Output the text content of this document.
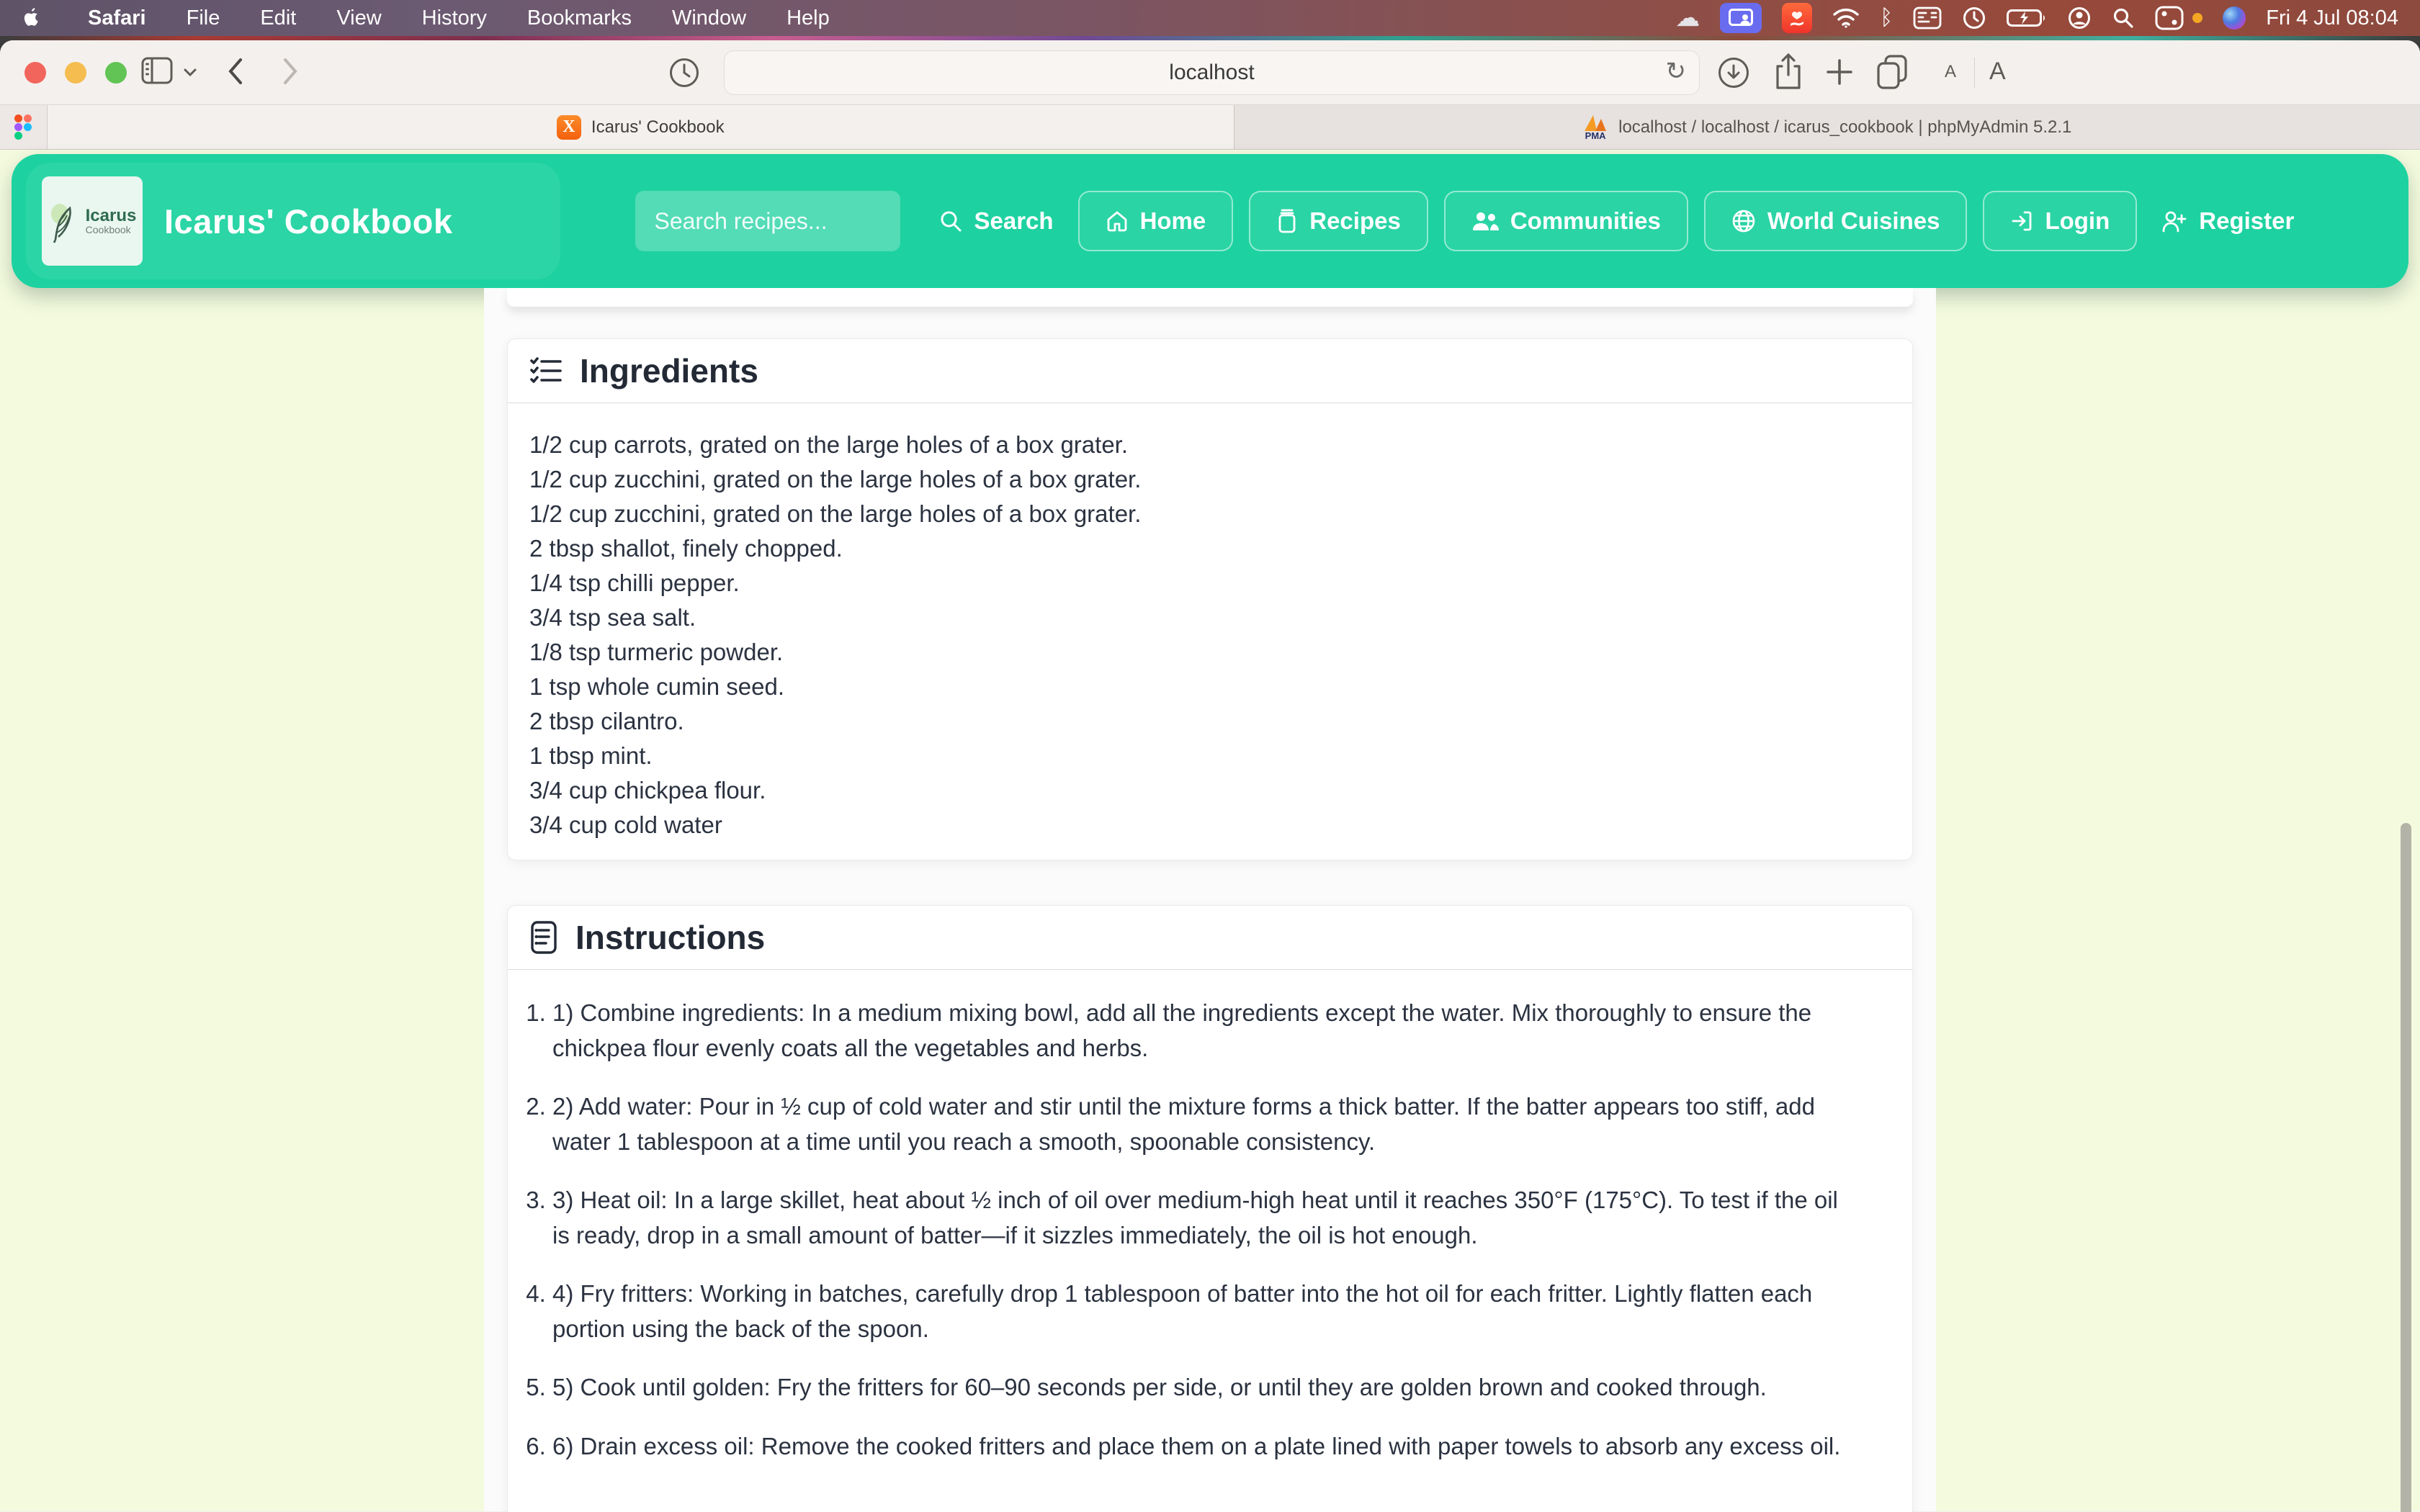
Safari File Edit View History Bookmarks Window Help	☁	ᛒ	Fri 4 Jul 08:04
localhost	↻	A A
X Icarus' Cookbook	PMA localhost / localhost / icarus_cookbook | phpMyAdmin 5.2.1
Icarus
Cookbook Icarus' Cookbook
Search recipes...	Search	Home	Recipes	Communities	World Cuisines	Login	Register
Ingredients
1/2 cup carrots, grated on the large holes of a box grater.
1/2 cup zucchini, grated on the large holes of a box grater.
1/2 cup zucchini, grated on the large holes of a box grater.
2 tbsp shallot, finely chopped.
1/4 tsp chilli pepper.
3/4 tsp sea salt.
1/8 tsp turmeric powder.
1 tsp whole cumin seed.
2 tbsp cilantro.
1 tbsp mint.
3/4 cup chickpea flour.
3/4 cup cold water
Instructions
1. 1) Combine ingredients: In a medium mixing bowl, add all the ingredients except the water. Mix thoroughly to ensure the chickpea flour evenly coats all the vegetables and herbs.
2. 2) Add water: Pour in ½ cup of cold water and stir until the mixture forms a thick batter. If the batter appears too stiff, add water 1 tablespoon at a time until you reach a smooth, spoonable consistency.
3. 3) Heat oil: In a large skillet, heat about ½ inch of oil over medium-high heat until it reaches 350°F (175°C). To test if the oil is ready, drop in a small amount of batter—if it sizzles immediately, the oil is hot enough.
4. 4) Fry fritters: Working in batches, carefully drop 1 tablespoon of batter into the hot oil for each fritter. Lightly flatten each portion using the back of the spoon.
5. 5) Cook until golden: Fry the fritters for 60–90 seconds per side, or until they are golden brown and cooked through.
6. 6) Drain excess oil: Remove the cooked fritters and place them on a plate lined with paper towels to absorb any excess oil.
